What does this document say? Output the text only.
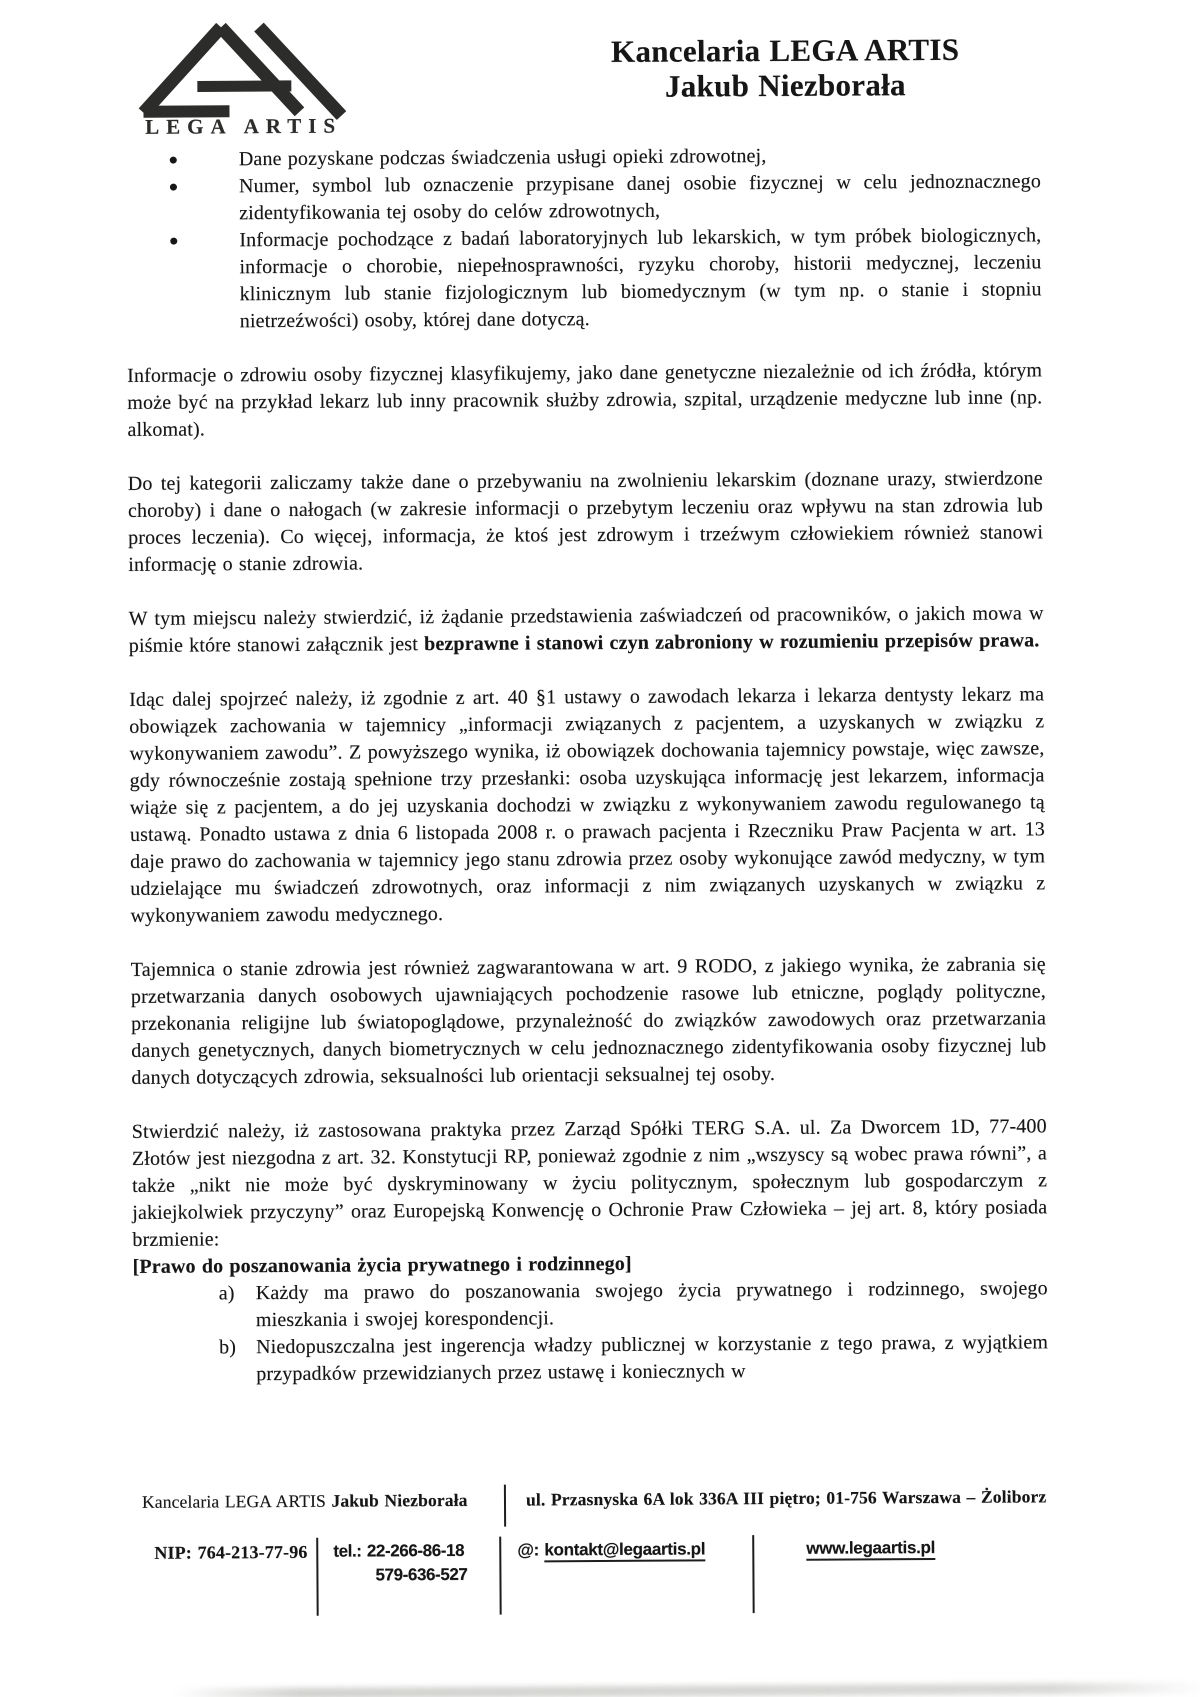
LEGA ARTIS
Kancelaria LEGA ARTIS
Jakub Niezborała
Dane pozyskane podczas świadczenia usługi opieki zdrowotnej,
Numer, symbol lub oznaczenie przypisane danej osobie fizycznej w celu jednoznacznego zidentyfikowania tej osoby do celów zdrowotnych,
Informacje pochodzące z badań laboratoryjnych lub lekarskich, w tym próbek biologicznych, informacje o chorobie, niepełnosprawności, ryzyku choroby, historii medycznej, leczeniu klinicznym lub stanie fizjologicznym lub biomedycznym (w tym np. o stanie i stopniu nietrzeźwości) osoby, której dane dotyczą.

Informacje o zdrowiu osoby fizycznej klasyfikujemy, jako dane genetyczne niezależnie od ich źródła, którym może być na przykład lekarz lub inny pracownik służby zdrowia, szpital, urządzenie medyczne lub inne (np. alkomat).

Do tej kategorii zaliczamy także dane o przebywaniu na zwolnieniu lekarskim (doznane urazy, stwierdzone choroby) i dane o nałogach (w zakresie informacji o przebytym leczeniu oraz wpływu na stan zdrowia lub proces leczenia). Co więcej, informacja, że ktoś jest zdrowym i trzeźwym człowiekiem również stanowi informację o stanie zdrowia.

W tym miejscu należy stwierdzić, iż żądanie przedstawienia zaświadczeń od pracowników, o jakich mowa w piśmie które stanowi załącznik jest bezprawne i stanowi czyn zabroniony w rozumieniu przepisów prawa.

Idąc dalej spojrzeć należy, iż zgodnie z art. 40 §1 ustawy o zawodach lekarza i lekarza dentysty lekarz ma obowiązek zachowania w tajemnicy „informacji związanych z pacjentem, a uzyskanych w związku z wykonywaniem zawodu”. Z powyższego wynika, iż obowiązek dochowania tajemnicy powstaje, więc zawsze, gdy równocześnie zostają spełnione trzy przesłanki: osoba uzyskująca informację jest lekarzem, informacja wiąże się z pacjentem, a do jej uzyskania dochodzi w związku z wykonywaniem zawodu regulowanego tą ustawą. Ponadto ustawa z dnia 6 listopada 2008 r. o prawach pacjenta i Rzeczniku Praw Pacjenta w art. 13 daje prawo do zachowania w tajemnicy jego stanu zdrowia przez osoby wykonujące zawód medyczny, w tym udzielające mu świadczeń zdrowotnych, oraz informacji z nim związanych uzyskanych w związku z wykonywaniem zawodu medycznego.

Tajemnica o stanie zdrowia jest również zagwarantowana w art. 9 RODO, z jakiego wynika, że zabrania się przetwarzania danych osobowych ujawniających pochodzenie rasowe lub etniczne, poglądy polityczne, przekonania religijne lub światopoglądowe, przynależność do związków zawodowych oraz przetwarzania danych genetycznych, danych biometrycznych w celu jednoznacznego zidentyfikowania osoby fizycznej lub danych dotyczących zdrowia, seksualności lub orientacji seksualnej tej osoby.

Stwierdzić należy, iż zastosowana praktyka przez Zarząd Spółki TERG S.A. ul. Za Dworcem 1D, 77-400 Złotów jest niezgodna z art. 32. Konstytucji RP, ponieważ zgodnie z nim „wszyscy są wobec prawa równi”, a także „nikt nie może być dyskryminowany w życiu politycznym, społecznym lub gospodarczym z jakiejkolwiek przyczyny” oraz Europejską Konwencję o Ochronie Praw Człowieka – jej art. 8, który posiada brzmienie:

[Prawo do poszanowania życia prywatnego i rodzinnego]
a) Każdy ma prawo do poszanowania swojego życia prywatnego i rodzinnego, swojego mieszkania i swojej korespondencji.
b) Niedopuszczalna jest ingerencja władzy publicznej w korzystanie z tego prawa, z wyjątkiem przypadków przewidzianych przez ustawę i koniecznych w
Kancelaria LEGA ARTIS Jakub Niezborała	ul. Przasnyska 6A lok 336A III piętro; 01-756 Warszawa – Żoliborz
NIP: 764-213-77-96	tel.: 22-266-86-18
579-636-527
@: kontakt@legaartis.pl	www.legaartis.pl
